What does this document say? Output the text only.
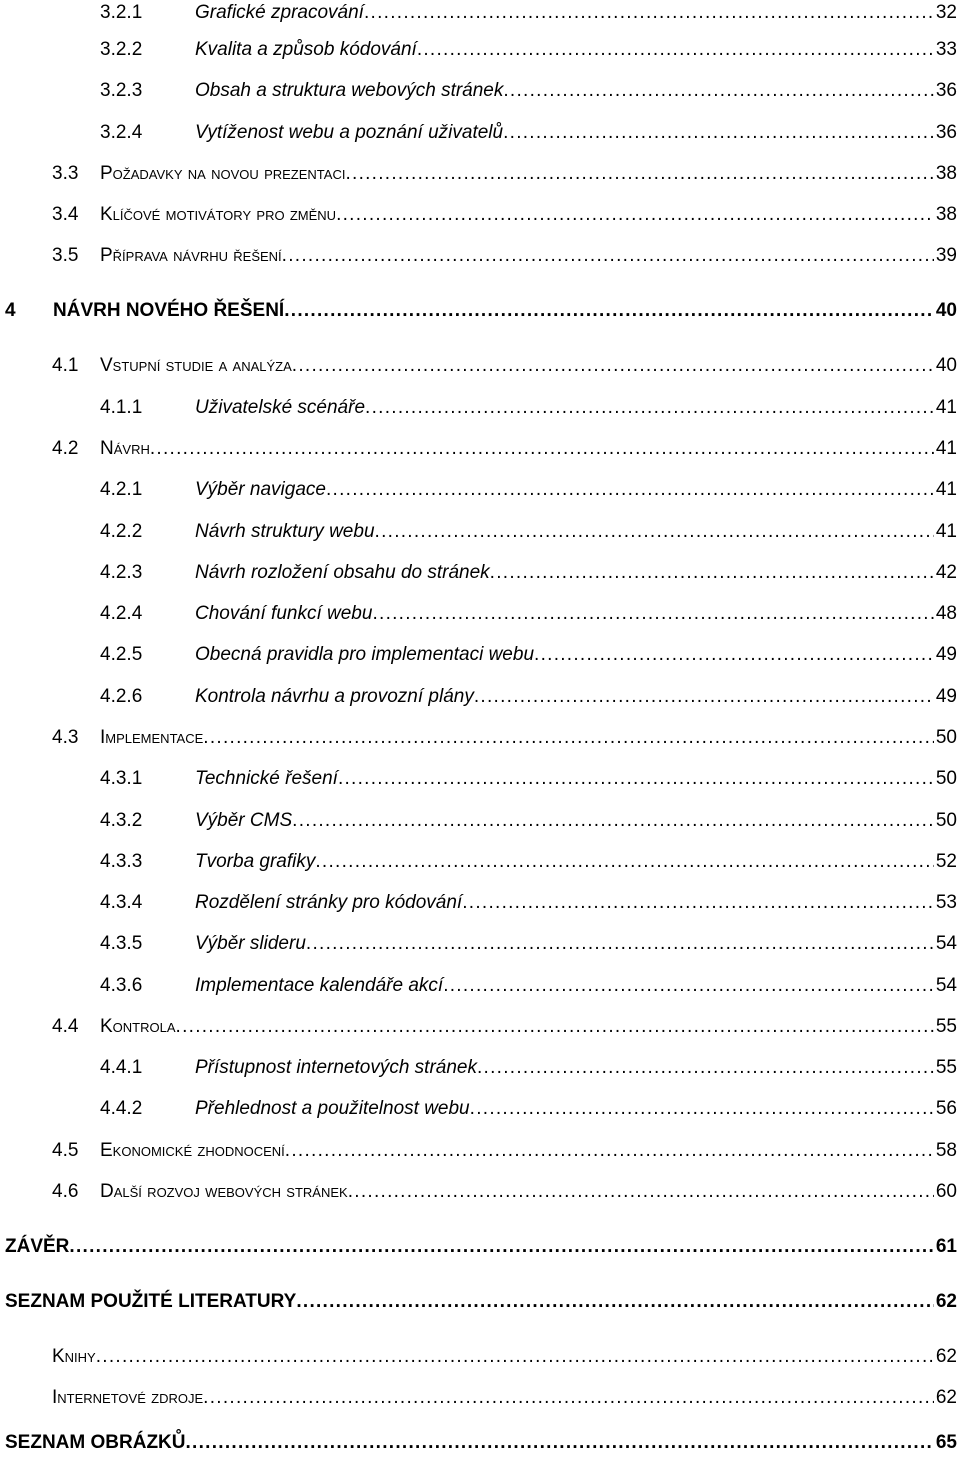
3.2.1	Grafické zpracování . . .	32
3.2.2	Kvalita a způsob kódování . . .	33
3.2.3	Obsah a struktura webových stránek . . .	36
3.2.4	Vytíženost webu a poznání uživatelů . . .	36
3.3	Požadavky na novou prezentaci . . .	38
3.4	Klíčové motivátory pro změnu . . .	38
3.5	Příprava návrhu řešení . . .	39
4	NÁVRH NOVÉHO ŘEŠENÍ . . .	40
4.1	Vstupní studie a analýza . . .	40
4.1.1	Uživatelské scénáře . . .	41
4.2	Návrh . . .	41
4.2.1	Výběr navigace . . .	41
4.2.2	Návrh struktury webu . . .	41
4.2.3	Návrh rozložení obsahu do stránek . . .	42
4.2.4	Chování funkcí webu . . .	48
4.2.5	Obecná pravidla pro implementaci webu . . .	49
4.2.6	Kontrola návrhu a provozní plány . . .	49
4.3	Implementace . . .	50
4.3.1	Technické řešení . . .	50
4.3.2	Výběr CMS . . .	50
4.3.3	Tvorba grafiky . . .	52
4.3.4	Rozdělení stránky pro kódování . . .	53
4.3.5	Výběr slideru . . .	54
4.3.6	Implementace kalendáře akcí . . .	54
4.4	Kontrola . . .	55
4.4.1	Přístupnost internetových stránek . . .	55
4.4.2	Přehlednost a použitelnost webu . . .	56
4.5	Ekonomické zhodnocení . . .	58
4.6	Další rozvoj webových stránek . . .	60
ZÁVĚR . . .	61
SEZNAM POUŽITÉ LITERATURY . . .	62
Knihy . . .	62
Internetové zdroje . . .	62
SEZNAM OBRÁZKŮ . . .	65
